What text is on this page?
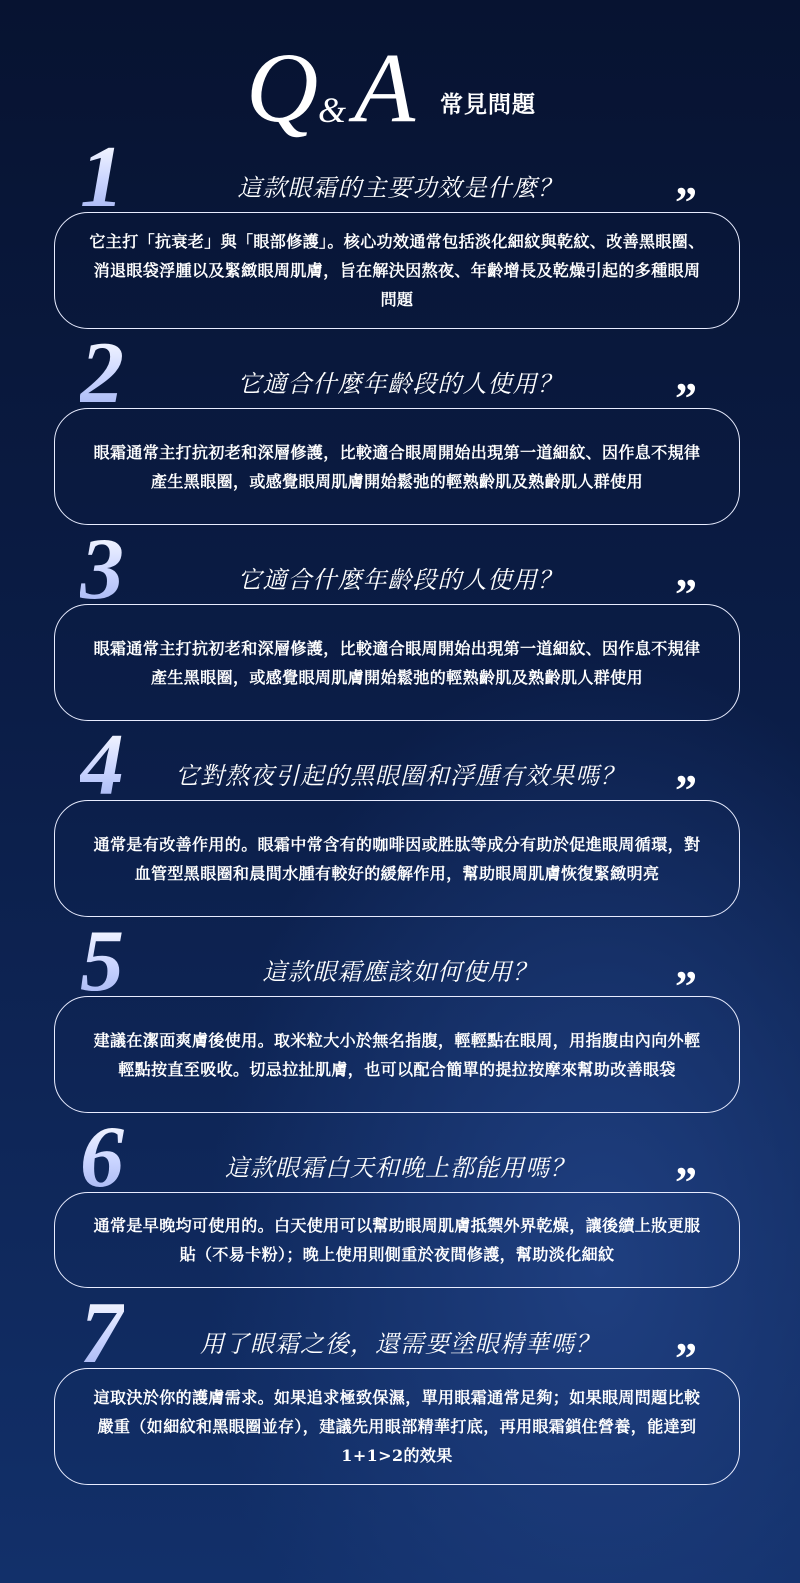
Q & A 常見問題
1	這款眼霜的主要功效是什麼？	”
它主打「抗衰老」與「眼部修護」。核心功效通常包括淡化細紋與乾紋、改善黑眼圈、消退眼袋浮腫以及緊緻眼周肌膚，旨在解決因熬夜、年齡增長及乾燥引起的多種眼周問題
2	它適合什麼年齡段的人使用？	”
眼霜通常主打抗初老和深層修護，比較適合眼周開始出現第一道細紋、因作息不規律產生黑眼圈，或感覺眼周肌膚開始鬆弛的輕熟齡肌及熟齡肌人群使用
3	它適合什麼年齡段的人使用？	”
眼霜通常主打抗初老和深層修護，比較適合眼周開始出現第一道細紋、因作息不規律產生黑眼圈，或感覺眼周肌膚開始鬆弛的輕熟齡肌及熟齡肌人群使用
4	它對熬夜引起的黑眼圈和浮腫有效果嗎？	”
通常是有改善作用的。眼霜中常含有的咖啡因或胜肽等成分有助於促進眼周循環，對血管型黑眼圈和晨間水腫有較好的緩解作用，幫助眼周肌膚恢復緊緻明亮
5	這款眼霜應該如何使用？	”
建議在潔面爽膚後使用。取米粒大小於無名指腹，輕輕點在眼周，用指腹由內向外輕輕點按直至吸收。切忌拉扯肌膚，也可以配合簡單的提拉按摩來幫助改善眼袋
6	這款眼霜白天和晚上都能用嗎？	”
通常是早晚均可使用的。白天使用可以幫助眼周肌膚抵禦外界乾燥，讓後續上妝更服貼（不易卡粉）；晚上使用則側重於夜間修護，幫助淡化細紋
7	用了眼霜之後，還需要塗眼精華嗎？	”
這取決於你的護膚需求。如果追求極致保濕，單用眼霜通常足夠；如果眼周問題比較嚴重（如細紋和黑眼圈並存），建議先用眼部精華打底，再用眼霜鎖住營養，能達到1+1>2的效果
